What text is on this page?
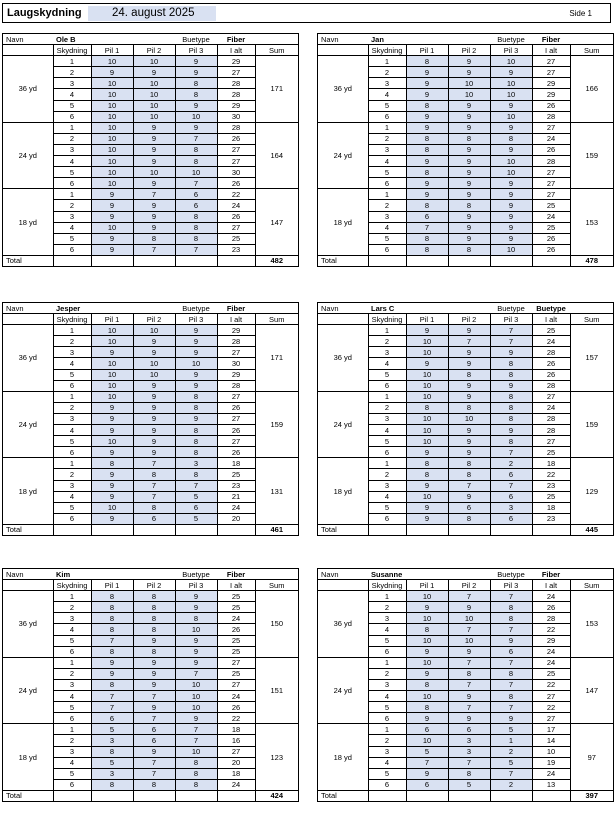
Laugskydning	24. august 2025	Side 1
Navn	Ole B			Buetype	Fiber	
	Skydning	Pil 1	Pil 2	Pil 3	I alt	Sum
36 yd	1	10	10	9	29	171
	2	9	9	9	27	
	3	10	10	8	28	
	4	10	10	8	28	
	5	10	10	9	29	
	6	10	10	10	30	
24 yd	1	10	9	9	28	164
	2	10	9	7	26	
	3	10	9	8	27	
	4	10	9	8	27	
	5	10	10	10	30	
	6	10	9	7	26	
18 yd	1	9	7	6	22	147
	2	9	9	6	24	
	3	9	9	8	26	
	4	10	9	8	27	
	5	9	8	8	25	
	6	9	7	7	23	
Total						482
Navn	Jan			Buetype	Fiber	
	Skydning	Pil 1	Pil 2	Pil 3	I alt	Sum
36 yd	1	8	9	10	27	166
	2	9	9	9	27	
	3	9	10	10	29	
	4	9	10	10	29	
	5	8	9	9	26	
	6	9	9	10	28	
24 yd	1	9	9	9	27	159
	2	8	8	8	24	
	3	8	9	9	26	
	4	9	9	10	28	
	5	8	9	10	27	
	6	9	9	9	27	
18 yd	1	9	9	9	27	153
	2	8	8	9	25	
	3	6	9	9	24	
	4	7	9	9	25	
	5	8	9	9	26	
	6	8	8	10	26	
Total						478
Navn	Jesper			Buetype	Fiber	
	Skydning	Pil 1	Pil 2	Pil 3	I alt	Sum
36 yd	1	10	10	9	29	171
	2	10	9	9	28	
	3	9	9	9	27	
	4	10	10	10	30	
	5	10	10	9	29	
	6	10	9	9	28	
24 yd	1	10	9	8	27	159
	2	9	9	8	26	
	3	9	9	9	27	
	4	9	9	8	26	
	5	10	9	8	27	
	6	9	9	8	26	
18 yd	1	8	7	3	18	131
	2	9	8	8	25	
	3	9	7	7	23	
	4	9	7	5	21	
	5	10	8	6	24	
	6	9	6	5	20	
Total						461
Navn	Lars C			Buetype	Buetype	
	Skydning	Pil 1	Pil 2	Pil 3	I alt	Sum
36 yd	1	9	9	7	25	157
	2	10	7	7	24	
	3	10	9	9	28	
	4	9	9	8	26	
	5	10	8	8	26	
	6	10	9	9	28	
24 yd	1	10	9	8	27	159
	2	8	8	8	24	
	3	10	10	8	28	
	4	10	9	9	28	
	5	10	9	8	27	
	6	9	9	7	25	
18 yd	1	8	8	2	18	129
	2	8	8	6	22	
	3	9	7	7	23	
	4	10	9	6	25	
	5	9	6	3	18	
	6	9	8	6	23	
Total						445
Navn	Kim			Buetype	Fiber	
	Skydning	Pil 1	Pil 2	Pil 3	I alt	Sum
36 yd	1	8	8	9	25	150
	2	8	8	9	25	
	3	8	8	8	24	
	4	8	8	10	26	
	5	7	9	9	25	
	6	8	8	9	25	
24 yd	1	9	9	9	27	151
	2	9	9	7	25	
	3	8	9	10	27	
	4	7	7	10	24	
	5	7	9	10	26	
	6	6	7	9	22	
18 yd	1	5	6	7	18	123
	2	3	6	7	16	
	3	8	9	10	27	
	4	5	7	8	20	
	5	3	7	8	18	
	6	8	8	8	24	
Total						424
Navn	Susanne			Buetype	Fiber	
	Skydning	Pil 1	Pil 2	Pil 3	I alt	Sum
36 yd	1	10	7	7	24	153
	2	9	9	8	26	
	3	10	10	8	28	
	4	8	7	7	22	
	5	10	10	9	29	
	6	9	9	6	24	
24 yd	1	10	7	7	24	147
	2	9	8	8	25	
	3	8	7	7	22	
	4	10	9	8	27	
	5	8	7	7	22	
	6	9	9	9	27	
18 yd	1	6	6	5	17	97
	2	10	3	1	14	
	3	5	3	2	10	
	4	7	7	5	19	
	5	9	8	7	24	
	6	6	5	2	13	
Total						397
